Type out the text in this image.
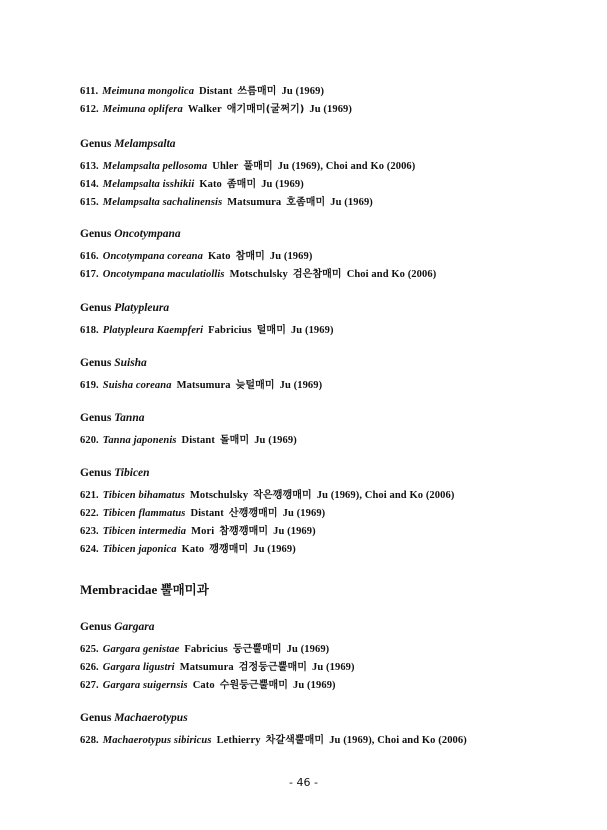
611. Meimuna mongolica Distant 쓰름매미 Ju (1969)
612. Meimuna oplifera Walker 애기매미(굴쩌기) Ju (1969)
Genus Melampsalta
613. Melampsalta pellosoma Uhler 풀매미 Ju (1969), Choi and Ko (2006)
614. Melampsalta isshikii Kato 좀매미 Ju (1969)
615. Melampsalta sachalinensis Matsumura 호좀매미 Ju (1969)
Genus Oncotympana
616. Oncotympana coreana Kato 참매미 Ju (1969)
617. Oncotympana maculatiollis Motschulsky 검은참매미 Choi and Ko (2006)
Genus Platypleura
618. Platypleura Kaempferi Fabricius 털매미 Ju (1969)
Genus Suisha
619. Suisha coreana Matsumura 늦털매미 Ju (1969)
Genus Tanna
620. Tanna japonenis Distant 돌매미 Ju (1969)
Genus Tibicen
621. Tibicen bihamatus Motschulsky 작은깽깽매미 Ju (1969), Choi and Ko (2006)
622. Tibicen flammatus Distant 산깽깽매미 Ju (1969)
623. Tibicen intermedia Mori 참깽깽매미 Ju (1969)
624. Tibicen japonica Kato 깽깽매미 Ju (1969)
Membracidae 뿔매미과
Genus Gargara
625. Gargara genistae Fabricius 둥근뿔매미 Ju (1969)
626. Gargara ligustri Matsumura 검정둥근뿔매미 Ju (1969)
627. Gargara suigernsis Cato 수원둥근뿔매미 Ju (1969)
Genus Machaerotypus
628. Machaerotypus sibiricus Lethierry 차갈색뿔매미 Ju (1969), Choi and Ko (2006)
- 46 -
